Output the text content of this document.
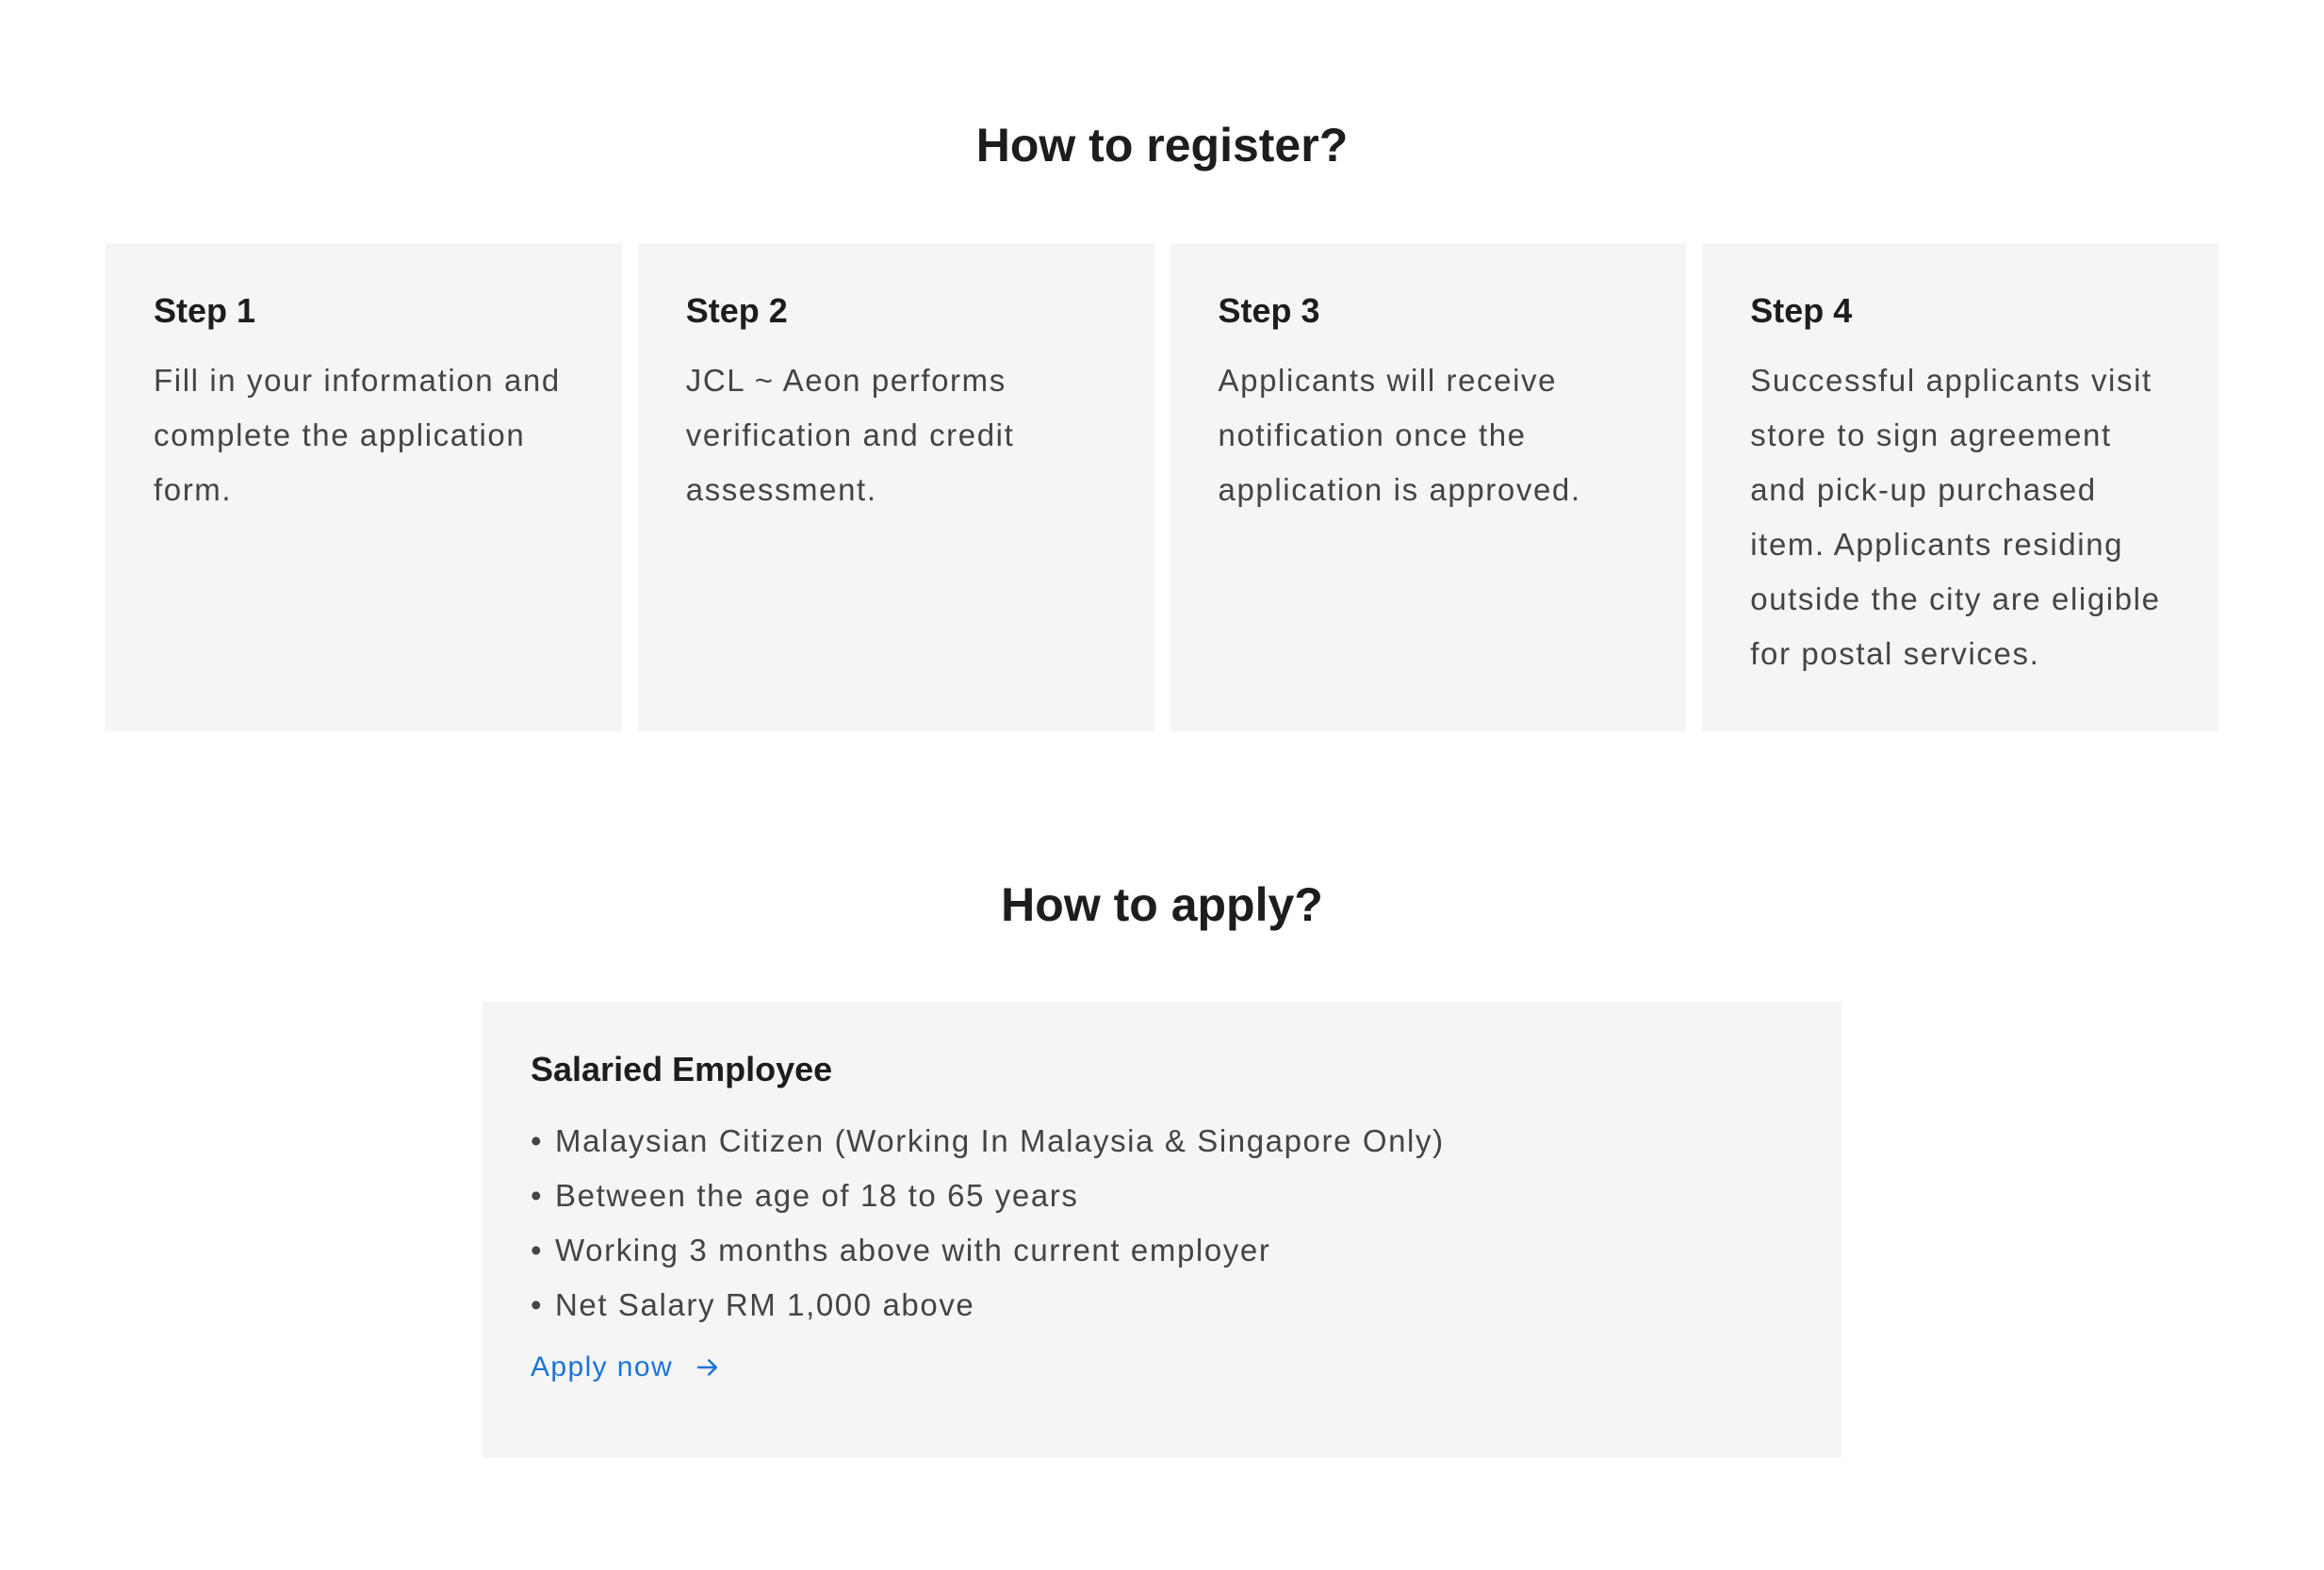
How to register?
Step 1

Fill in your information and complete the application form.

Step 2

JCL ~ Aeon performs verification and credit assessment.

Step 3

Applicants will receive notification once the application is approved.

Step 4

Successful applicants visit store to sign agreement and pick-up purchased item. Applicants residing outside the city are eligible for postal services.

How to apply?
Salaried Employee
• Malaysian Citizen (Working In Malaysia & Singapore Only)
• Between the age of 18 to 65 years
• Working 3 months above with current employer
• Net Salary RM 1,000 above
Apply now
